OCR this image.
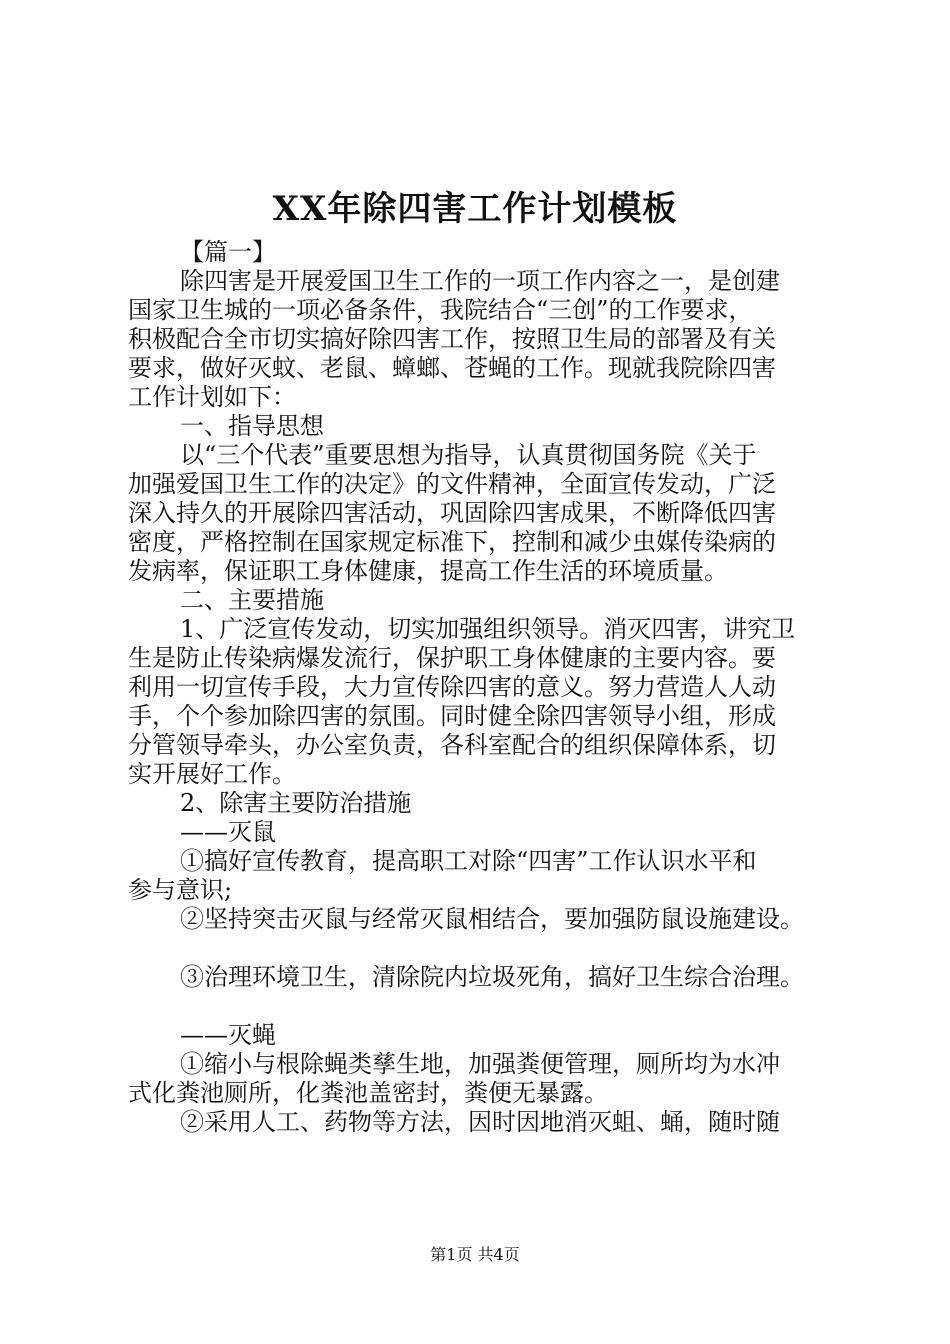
XX年除四害工作计划模板
【篇一】
除四害是开展爱国卫生工作的一项工作内容之一，是创建
国家卫生城的一项必备条件，我院结合“三创”的工作要求，
积极配合全市切实搞好除四害工作，按照卫生局的部署及有关
要求，做好灭蚊、老鼠、蟑螂、苍蝇的工作。现就我院除四害
工作计划如下：
一、指导思想
以“三个代表”重要思想为指导，认真贯彻国务院《关于
加强爱国卫生工作的决定》的文件精神，全面宣传发动，广泛
深入持久的开展除四害活动，巩固除四害成果，不断降低四害
密度，严格控制在国家规定标准下，控制和减少虫媒传染病的
发病率，保证职工身体健康，提高工作生活的环境质量。
二、主要措施
1、广泛宣传发动，切实加强组织领导。消灭四害，讲究卫
生是防止传染病爆发流行，保护职工身体健康的主要内容。要
利用一切宣传手段，大力宣传除四害的意义。努力营造人人动
手，个个参加除四害的氛围。同时健全除四害领导小组，形成
分管领导牵头，办公室负责，各科室配合的组织保障体系，切
实开展好工作。
2、除害主要防治措施
——灭鼠
①搞好宣传教育，提高职工对除“四害”工作认识水平和
参与意识;
②坚持突击灭鼠与经常灭鼠相结合，要加强防鼠设施建设。
③治理环境卫生，清除院内垃圾死角，搞好卫生综合治理。
——灭蝇
①缩小与根除蝇类孳生地，加强粪便管理，厕所均为水冲
式化粪池厕所，化粪池盖密封，粪便无暴露。
②采用人工、药物等方法，因时因地消灭蛆、蛹，随时随
第1页 共4页
